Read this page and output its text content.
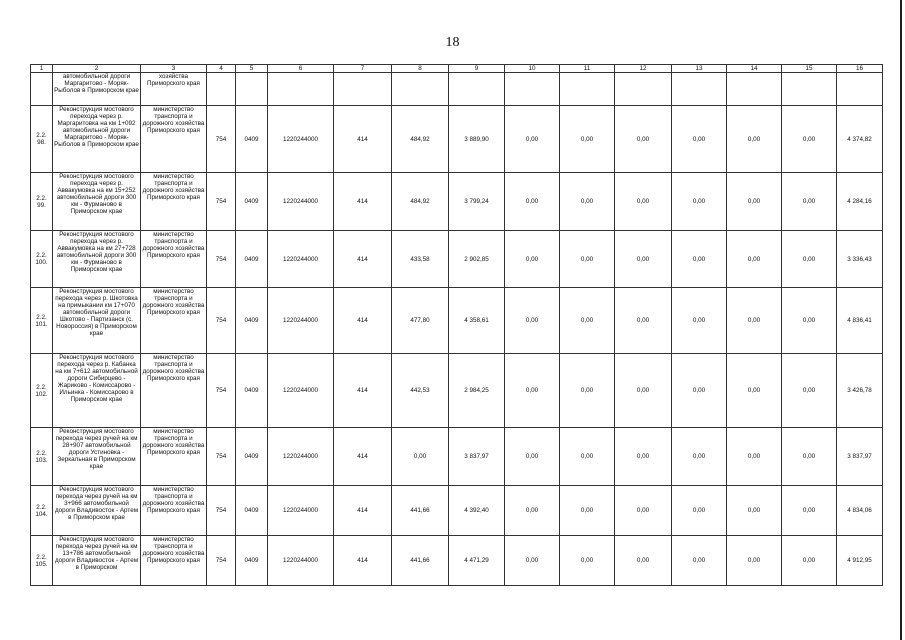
18
1	2	3	4	5	6	7	8	9	10	11	12	13	14	15	16
	автомобильной дороги Маргаритово - Моряк-Рыболов в Приморском крае	хозяйства Приморского края													
2.2. 98.	Реконструкция мостового перехода через р. Маргаритовка на км 1+092 автомобильной дороги Маргаритово - Моряк-Рыболов в Приморском крае	министерство транспорта и дорожного хозяйства Приморского края	754	0409	1220244000	414	484,92	3 889,90	0,00	0,00	0,00	0,00	0,00	0,00	4 374,82
2.2. 99.	Реконструкция мостового перехода через р. Аввакумовка на км 15+252 автомобильной дороги 300 км - Фурманово в Приморском крае	министерство транспорта и дорожного хозяйства Приморского края	754	0409	1220244000	414	484,92	3 799,24	0,00	0,00	0,00	0,00	0,00	0,00	4 284,16
2.2. 100.	Реконструкция мостового перехода через р. Аввакумовка на км 27+728 автомобильной дороги 300 км - Фурманово в Приморском крае	министерство транспорта и дорожного хозяйства Приморского края	754	0409	1220244000	414	433,58	2 902,85	0,00	0,00	0,00	0,00	0,00	0,00	3 336,43
2.2. 101.	Реконструкция мостового перехода через р. Шкотовка на примыкании км 17+070 автомобильной дороги Шкотово - Партизанск (с. Новороссия) в Приморском крае	министерство транспорта и дорожного хозяйства Приморского края	754	0409	1220244000	414	477,80	4 358,61	0,00	0,00	0,00	0,00	0,00	0,00	4 836,41
2.2. 102.	Реконструкция мостового перехода через р. Кабанка на км 7+612 автомобильной дороги Сибирцево - Жариково - Комиссарово - Ильинка - Комиссарово в Приморском крае	министерство транспорта и дорожного хозяйства Приморского края	754	0409	1220244000	414	442,53	2 984,25	0,00	0,00	0,00	0,00	0,00	0,00	3 426,78
2.2. 103.	Реконструкция мостового перехода через ручей на км 28+907 автомобильной дороги Устиновка - Зеркальная в Приморском крае	министерство транспорта и дорожного хозяйства Приморского края	754	0409	1220244000	414	0,00	3 837,97	0,00	0,00	0,00	0,00	0,00	0,00	3 837,97
2.2. 104.	Реконструкция мостового перехода через ручей на км 3+966 автомобильной дороги Владивосток - Артем в Приморском крае	министерство транспорта и дорожного хозяйства Приморского края	754	0409	1220244000	414	441,66	4 392,40	0,00	0,00	0,00	0,00	0,00	0,00	4 834,06
2.2. 105.	Реконструкция мостового перехода через ручей на км 13+786 автомобильной дороги Владивосток - Артем в Приморском	министерство транспорта и дорожного хозяйства Приморского края	754	0409	1220244000	414	441,66	4 471,29	0,00	0,00	0,00	0,00	0,00	0,00	4 912,95
